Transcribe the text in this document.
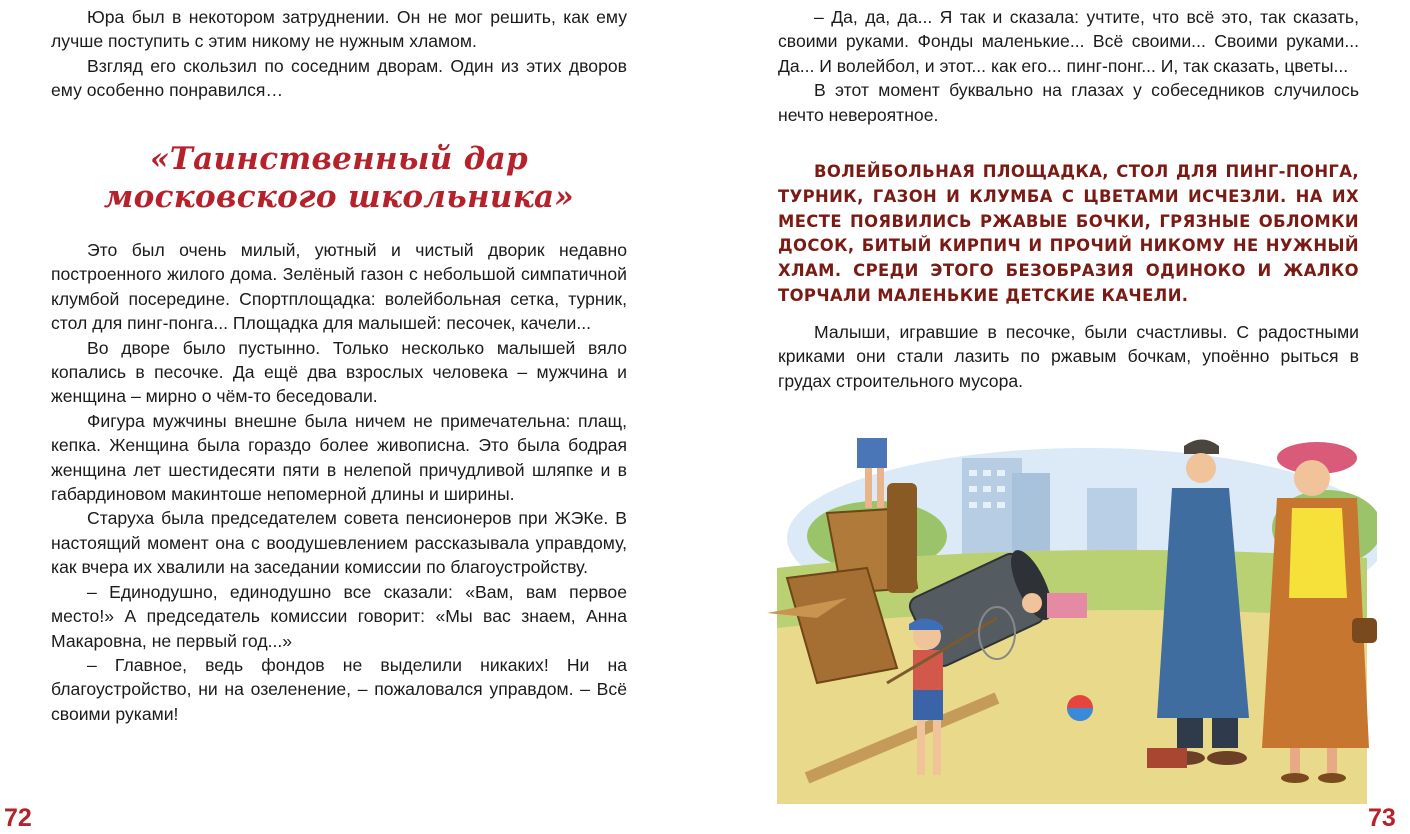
Юра был в некотором затруднении. Он не мог решить, как ему лучше поступить с этим никому не нужным хламом.

Взгляд его скользил по соседним дворам. Один из этих дворов ему особенно понравился…

«Таинственный дар московского школьника»

Это был очень милый, уютный и чистый дворик недавно построенного жилого дома. Зелёный газон с небольшой симпатичной клумбой посередине. Спортплощадка: волейбольная сетка, турник, стол для пинг-понга... Площадка для малышей: песочек, качели...

Во дворе было пустынно. Только несколько малышей вяло копались в песочке. Да ещё два взрослых человека – мужчина и женщина – мирно о чём-то беседовали.

Фигура мужчины внешне была ничем не примечательна: плащ, кепка. Женщина была гораздо более живописна. Это была бодрая женщина лет шестидесяти пяти в нелепой причудливой шляпке и в габардиновом макинтоше непомерной длины и ширины.

Старуха была председателем совета пенсионеров при ЖЭКе. В настоящий момент она с воодушевлением рассказывала управдому, как вчера их хвалили на заседании комиссии по благоустройству.

– Единодушно, единодушно все сказали: «Вам, вам первое место!» А председатель комиссии говорит: «Мы вас знаем, Анна Макаровна, не первый год...»

– Главное, ведь фондов не выделили никаких! Ни на благоустройство, ни на озеленение, – пожаловался управдом. – Всё своими руками!

72

– Да, да, да... Я так и сказала: учтите, что всё это, так сказать, своими руками. Фонды маленькие... Всё своими... Своими руками... Да... И волейбол, и этот... как его... пинг-понг... И, так сказать, цветы...

В этот момент буквально на глазах у собеседников случилось нечто невероятное.

ВОЛЕЙБОЛЬНАЯ ПЛОЩАДКА, СТОЛ ДЛЯ ПИНГ-ПОНГА, ТУРНИК, ГАЗОН И КЛУМБА С ЦВЕТАМИ ИСЧЕЗЛИ. НА ИХ МЕСТЕ ПОЯВИЛИСЬ РЖАВЫЕ БОЧКИ, ГРЯЗНЫЕ ОБЛОМКИ ДОСОК, БИТЫЙ КИРПИЧ И ПРОЧИЙ НИКОМУ НЕ НУЖНЫЙ ХЛАМ. СРЕДИ ЭТОГО БЕЗОБРАЗИЯ ОДИНОКО И ЖАЛКО ТОРЧАЛИ МАЛЕНЬКИЕ ДЕТСКИЕ КАЧЕЛИ.

Малыши, игравшие в песочке, были счастливы. С радостными криками они стали лазить по ржавым бочкам, упоённо рыться в грудах строительного мусора.

73
